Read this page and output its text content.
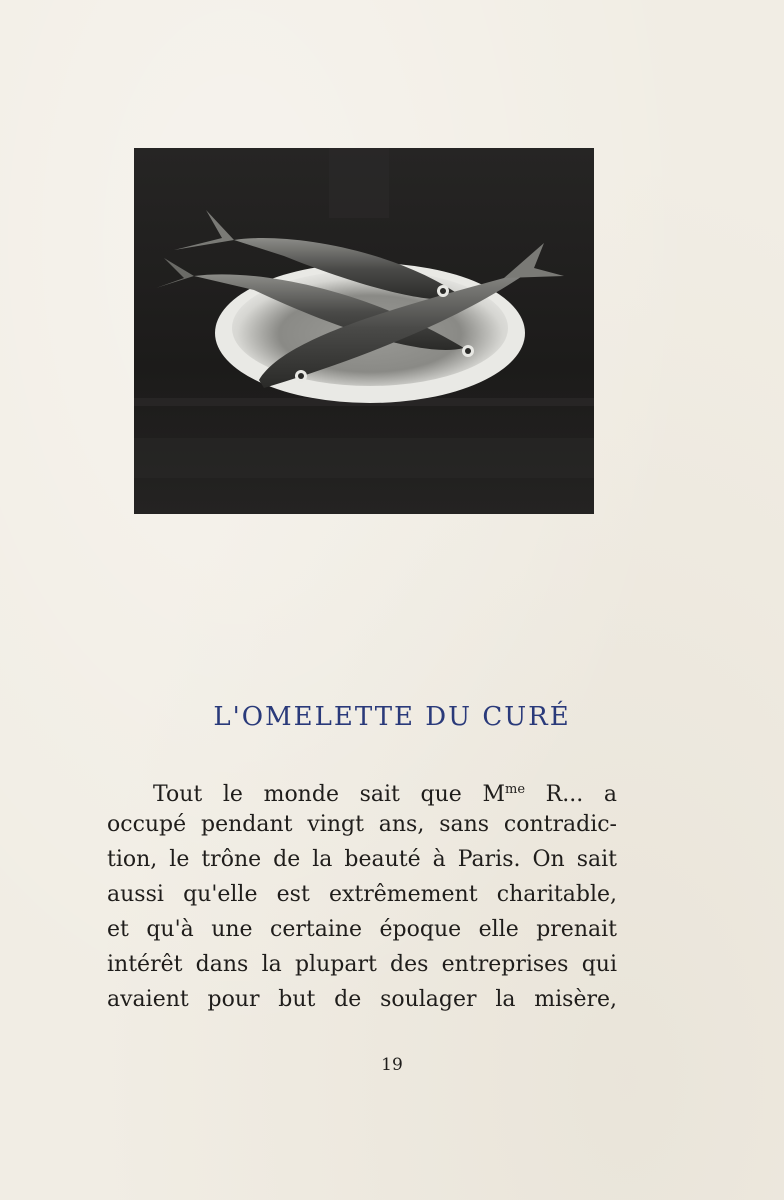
L'OMELETTE DU CURÉ
Tout le monde sait que $M^{me}$ R... a
occupé pendant vingt ans, sans contradic-
tion, le trône de la beauté à Paris. On sait
aussi qu'elle est extrêmement charitable,
et qu'à une certaine époque elle prenait
intérêt dans la plupart des entreprises qui
avaient pour but de soulager la misère,
19
